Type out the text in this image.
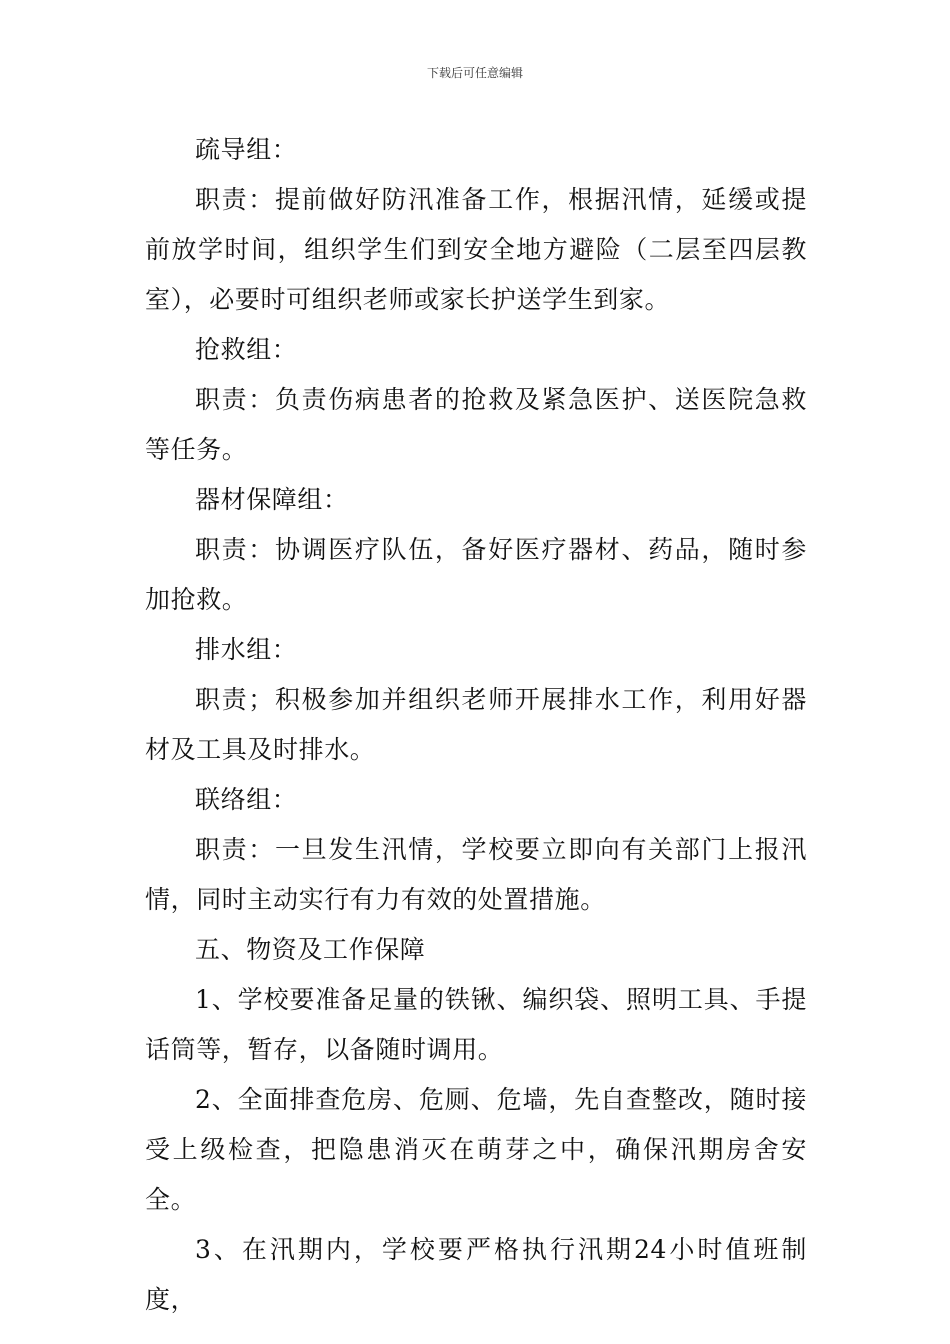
下载后可任意编辑

疏导组：

职责：提前做好防汛准备工作，根据汛情，延缓或提前放学时间，组织学生们到安全地方避险（二层至四层教室），必要时可组织老师或家长护送学生到家。

抢救组：

职责：负责伤病患者的抢救及紧急医护、送医院急救等任务。

器材保障组：

职责：协调医疗队伍，备好医疗器材、药品，随时参加抢救。

排水组：

职责；积极参加并组织老师开展排水工作，利用好器材及工具及时排水。

联络组：

职责：一旦发生汛情，学校要立即向有关部门上报汛情，同时主动实行有力有效的处置措施。

五、物资及工作保障

1、学校要准备足量的铁锹、编织袋、照明工具、手提话筒等，暂存，以备随时调用。

2、全面排查危房、危厕、危墙，先自查整改，随时接受上级检查，把隐患消灭在萌芽之中，确保汛期房舍安全。

3、在汛期内，学校要严格执行汛期24小时值班制度，
